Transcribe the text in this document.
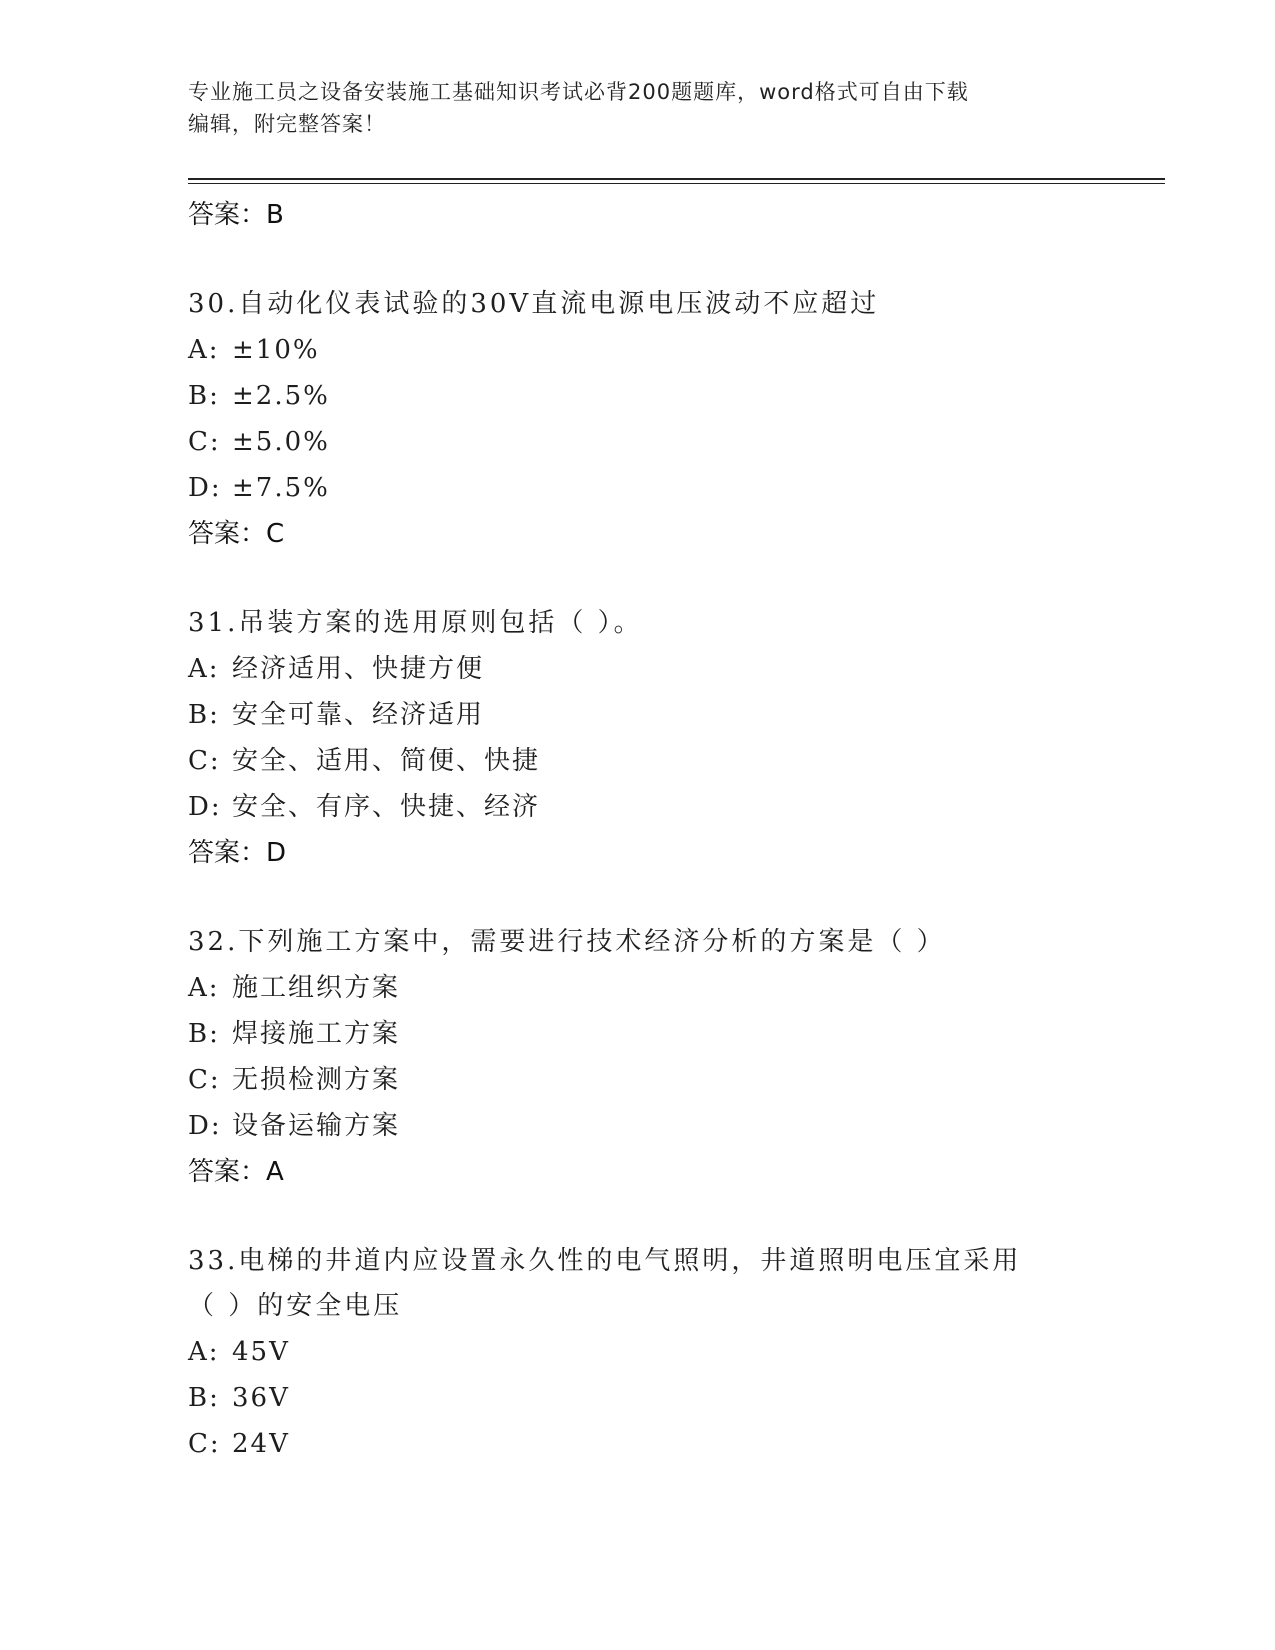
专业施工员之设备安装施工基础知识考试必背200题题库，word格式可自由下载
编辑，附完整答案！
答案：B
30.自动化仪表试验的30V直流电源电压波动不应超过
A: ±10%
B: ±2.5%
C: ±5.0%
D: ±7.5%
答案：C
31.吊装方案的选用原则包括（ ）。
A: 经济适用、快捷方便
B: 安全可靠、经济适用
C: 安全、适用、简便、快捷
D: 安全、有序、快捷、经济
答案：D
32.下列施工方案中，需要进行技术经济分析的方案是（ ）
A: 施工组织方案
B: 焊接施工方案
C: 无损检测方案
D: 设备运输方案
答案：A
33.电梯的井道内应设置永久性的电气照明，井道照明电压宜采用（ ）的安全电压
A: 45V
B: 36V
C: 24V
